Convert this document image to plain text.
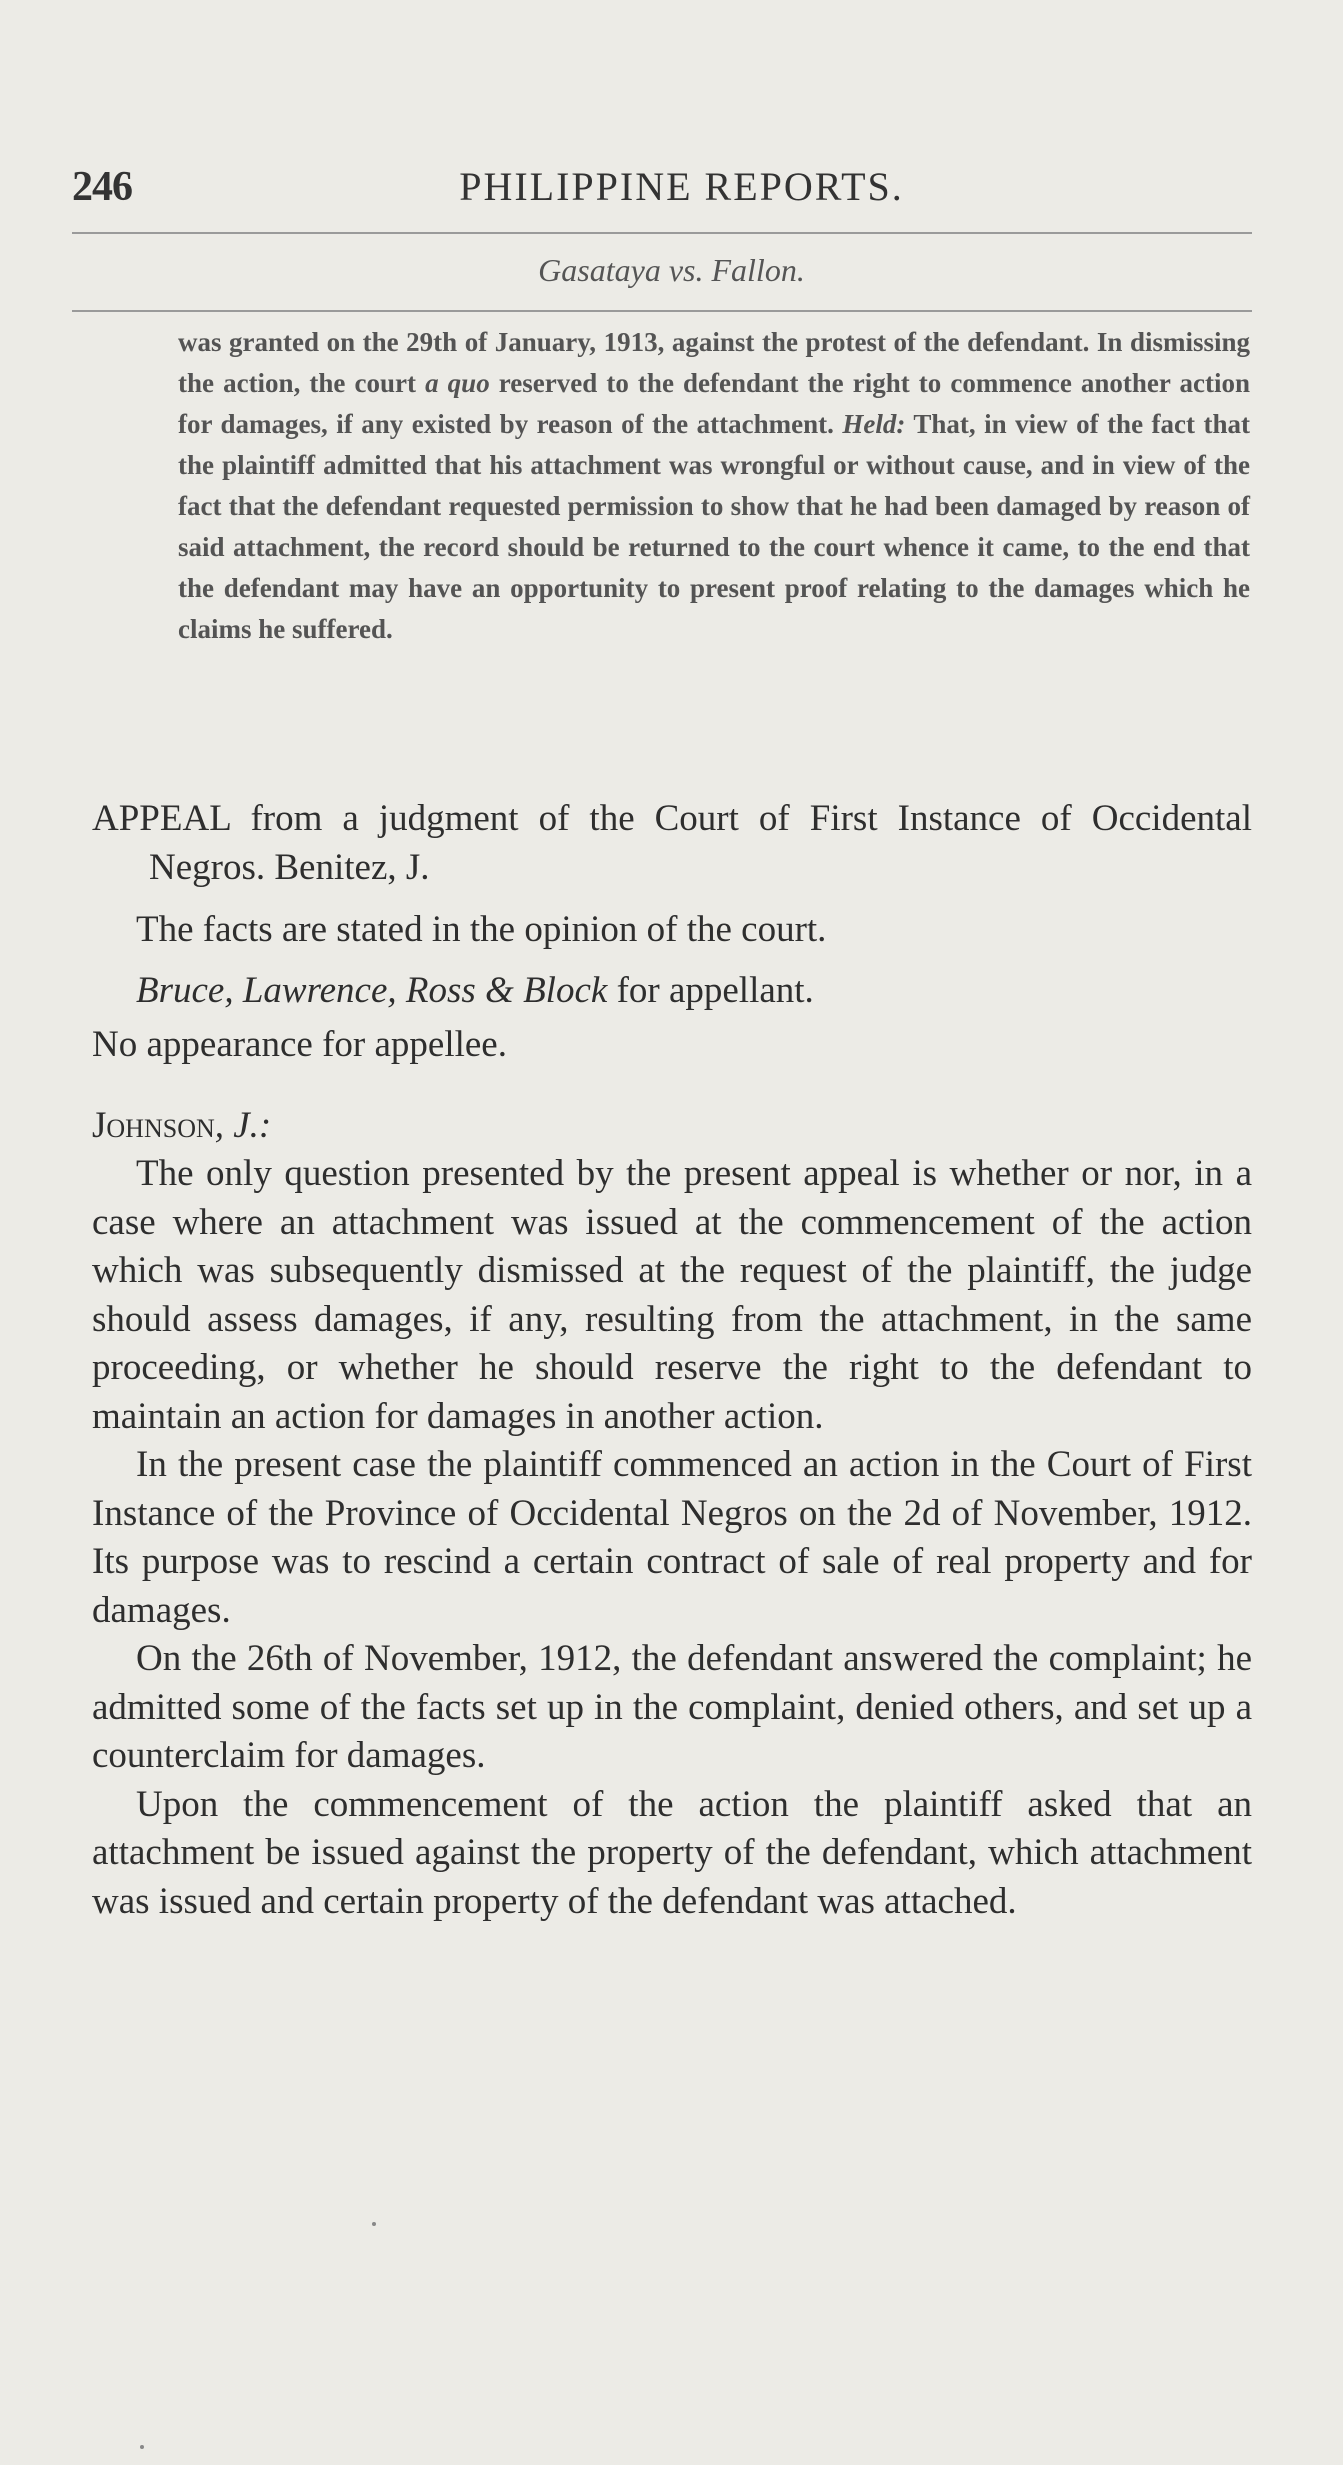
246	PHILIPPINE REPORTS.
Gasataya vs. Fallon.

was granted on the 29th of January, 1913, against the protest of the defendant. In dismissing the action, the court a quo reserved to the defendant the right to commence another action for damages, if any existed by reason of the attachment. Held: That, in view of the fact that the plaintiff admitted that his attachment was wrongful or without cause, and in view of the fact that the defendant requested permission to show that he had been damaged by reason of said attachment, the record should be returned to the court whence it came, to the end that the defendant may have an opportunity to present proof relating to the damages which he claims he suffered.

APPEAL from a judgment of the Court of First Instance of Occidental Negros. Benitez, J.

The facts are stated in the opinion of the court.

Bruce, Lawrence, Ross & Block for appellant.

No appearance for appellee.

Johnson, J.:

The only question presented by the present appeal is whether or nor, in a case where an attachment was issued at the commencement of the action which was subsequently dismissed at the request of the plaintiff, the judge should assess damages, if any, resulting from the attachment, in the same proceeding, or whether he should reserve the right to the defendant to maintain an action for damages in another action.

In the present case the plaintiff commenced an action in the Court of First Instance of the Province of Occidental Negros on the 2d of November, 1912. Its purpose was to rescind a certain contract of sale of real property and for damages.

On the 26th of November, 1912, the defendant answered the complaint; he admitted some of the facts set up in the complaint, denied others, and set up a counterclaim for damages.

Upon the commencement of the action the plaintiff asked that an attachment be issued against the property of the defendant, which attachment was issued and certain property of the defendant was attached.
